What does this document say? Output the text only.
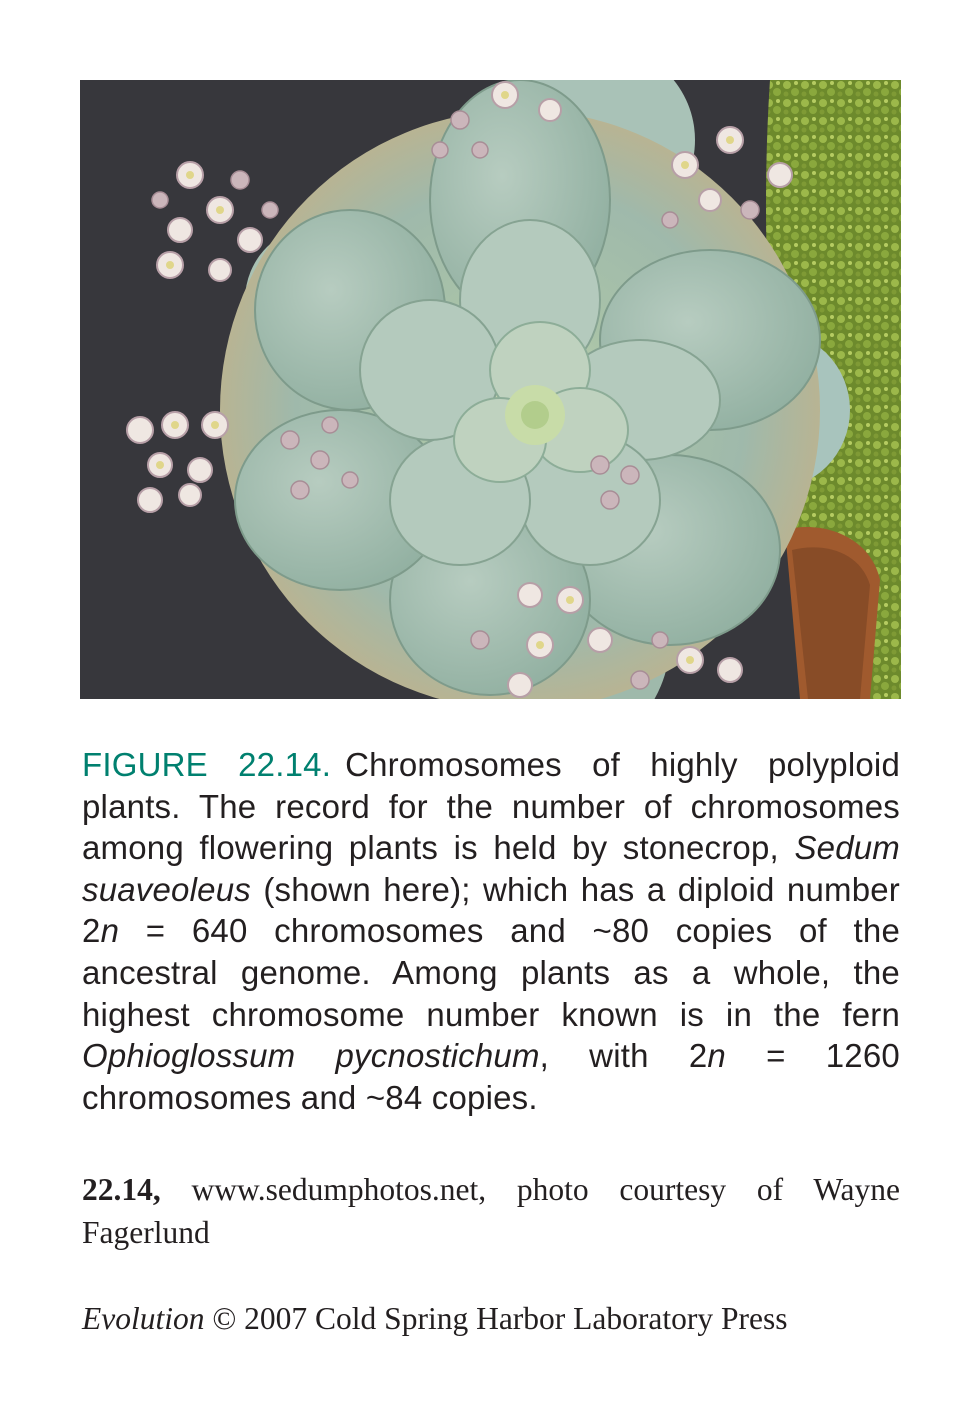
FIGURE 22.14. Chromosomes of highly polyploid plants. The record for the number of chromosomes among flowering plants is held by stonecrop, Sedum suaveoleus (shown here); which has a diploid number 2n = 640 chromosomes and ~80 copies of the ancestral genome. Among plants as a whole, the highest chromosome number known is in the fern Ophioglossum pycnostichum, with 2n = 1260 chromosomes and ~84 copies.

22.14, www.sedumphotos.net, photo courtesy of Wayne Fagerlund

Evolution © 2007 Cold Spring Harbor Laboratory Press
